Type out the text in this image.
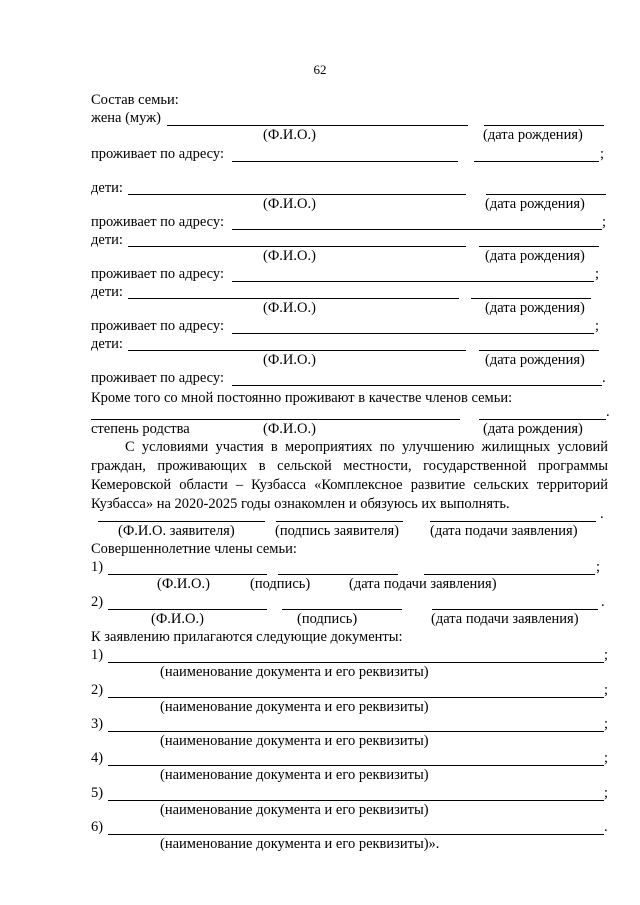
62
Состав семьи:
жена (муж)
(Ф.И.О.)	(дата рождения)
проживает по адресу:	;
дети:
(Ф.И.О.)	(дата рождения)
проживает по адресу:	;
дети:
(Ф.И.О.)	(дата рождения)
проживает по адресу:	;
дети:
(Ф.И.О.)	(дата рождения)
проживает по адресу:	;
дети:
(Ф.И.О.)	(дата рождения)
проживает по адресу:	.
Кроме того со мной постоянно проживают в качестве членов семьи:
.
степень родства	(Ф.И.О.)	(дата рождения)
С условиями участия в мероприятиях по улучшению жилищных условий граждан, проживающих в сельской местности, государственной программы Кемеровской области – Кузбасса «Комплексное развитие сельских территорий Кузбасса» на 2020-2025 годы ознакомлен и обязуюсь их выполнять.
.
(Ф.И.О. заявителя)	(подпись заявителя) (дата подачи заявления)
Совершеннолетние члены семьи:
1)	;
(Ф.И.О.)	(подпись)	(дата подачи заявления)
2)	.
(Ф.И.О.)	(подпись)	(дата подачи заявления)
К заявлению прилагаются следующие документы:
1)	;
(наименование документа и его реквизиты)
2)	;
(наименование документа и его реквизиты)
3)	;
(наименование документа и его реквизиты)
4)	;
(наименование документа и его реквизиты)
5)	;
(наименование документа и его реквизиты)
6)	.
(наименование документа и его реквизиты)».
